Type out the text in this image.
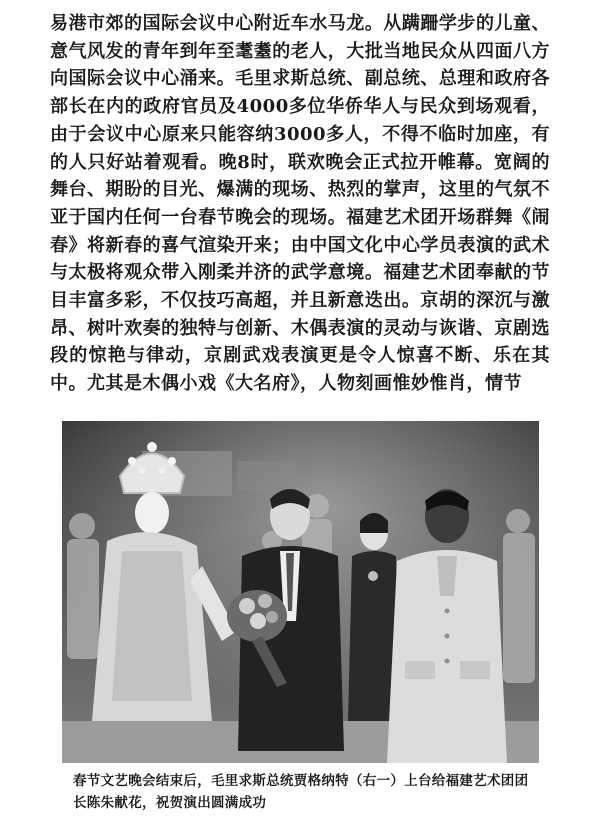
易港市郊的国际会议中心附近车水马龙。从蹒跚学步的儿童、意气风发的青年到年至耄耋的老人，大批当地民众从四面八方向国际会议中心涌来。毛里求斯总统、副总统、总理和政府各部长在内的政府官员及4000多位华侨华人与民众到场观看，由于会议中心原来只能容纳3000多人，不得不临时加座，有的人只好站着观看。晚8时，联欢晚会正式拉开帷幕。宽阔的舞台、期盼的目光、爆满的现场、热烈的掌声，这里的气氛不亚于国内任何一台春节晚会的现场。福建艺术团开场群舞《闹春》将新春的喜气渲染开来；由中国文化中心学员表演的武术与太极将观众带入刚柔并济的武学意境。福建艺术团奉献的节目丰富多彩，不仅技巧高超，并且新意迭出。京胡的深沉与激昂、树叶欢奏的独特与创新、木偶表演的灵动与诙谐、京剧选段的惊艳与律动，京剧武戏表演更是令人惊喜不断、乐在其中。尤其是木偶小戏《大名府》，人物刻画惟妙惟肖，情节

春节文艺晚会结束后，毛里求斯总统贾格纳特（右一）上台给福建艺术团团长陈朱献花，祝贺演出圆满成功
